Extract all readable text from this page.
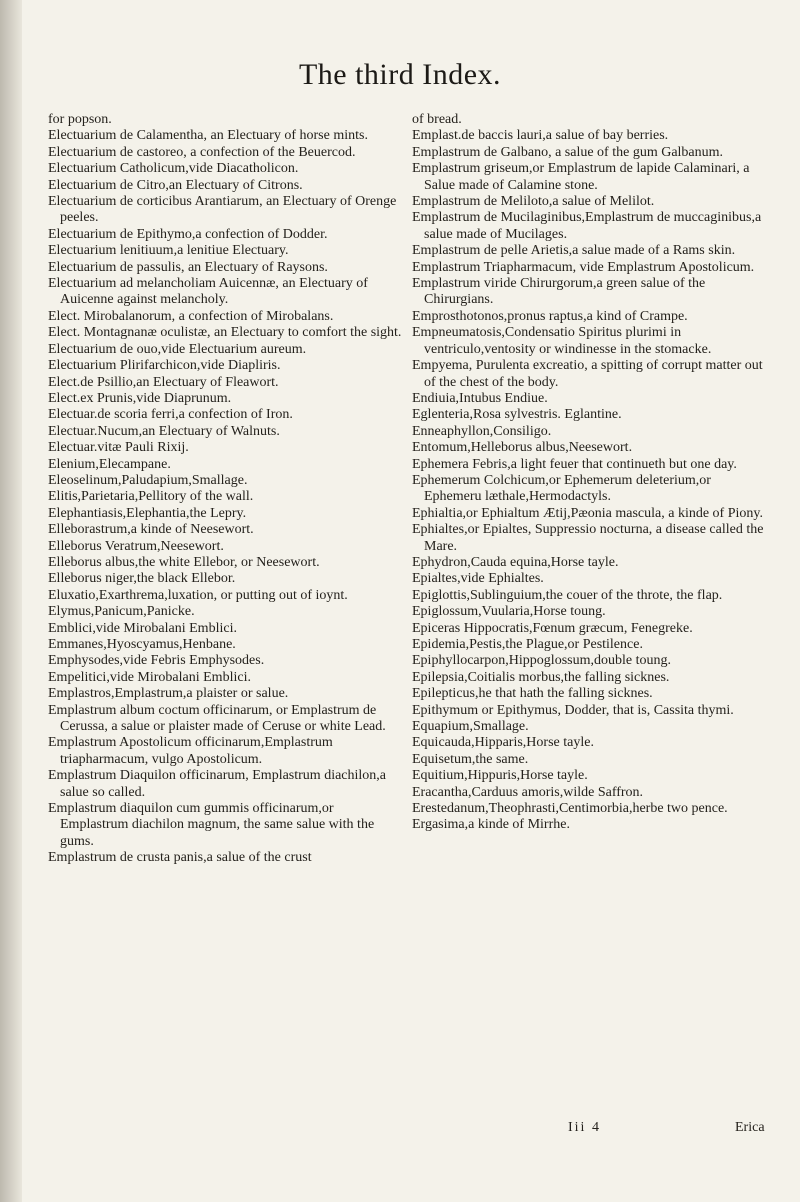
The third Index.

for popson.

Electuarium de Calamentha, an Electuary of horse mints.

Electuarium de castoreo, a confection of the Beuercod.

Electuarium Catholicum,vide Diacatholicon.

Electuarium de Citro,an Electuary of Citrons.

Electuarium de corticibus Arantiarum, an Electuary of Orenge peeles.

Electuarium de Epithymo,a confection of Dodder.

Electuarium lenitiuum,a lenitiue Electuary.

Electuarium de passulis, an Electuary of Raysons.

Electuarium ad melancholiam Auicennæ, an Electuary of Auicenne against melancholy.

Elect. Mirobalanorum, a confection of Mirobalans.

Elect. Montagnanæ oculistæ, an Electuary to comfort the sight.

Electuarium de ouo,vide Electuarium aureum.

Electuarium Plirifarchicon,vide Diapliris.

Elect.de Psillio,an Electuary of Fleawort.

Elect.ex Prunis,vide Diaprunum.

Electuar.de scoria ferri,a confection of Iron.

Electuar.Nucum,an Electuary of Walnuts.

Electuar.vitæ Pauli Rixij.

Elenium,Elecampane.

Eleoselinum,Paludapium,Smallage.

Elitis,Parietaria,Pellitory of the wall.

Elephantiasis,Elephantia,the Lepry.

Elleborastrum,a kinde of Neesewort.

Elleborus Veratrum,Neesewort.

Elleborus albus,the white Ellebor, or Neesewort.

Elleborus niger,the black Ellebor.

Eluxatio,Exarthrema,luxation, or putting out of ioynt.

Elymus,Panicum,Panicke.

Emblici,vide Mirobalani Emblici.

Emmanes,Hyoscyamus,Henbane.

Emphysodes,vide Febris Emphysodes.

Empelitici,vide Mirobalani Emblici.

Emplastros,Emplastrum,a plaister or salue.

Emplastrum album coctum officinarum, or Emplastrum de Cerussa, a salue or plaister made of Ceruse or white Lead.

Emplastrum Apostolicum officinarum,Emplastrum triapharmacum, vulgo Apostolicum.

Emplastrum Diaquilon officinarum, Emplastrum diachilon,a salue so called.

Emplastrum diaquilon cum gummis officinarum,or Emplastrum diachilon magnum, the same salue with the gums.

Emplastrum de crusta panis,a salue of the crust

of bread.

Emplast.de baccis lauri,a salue of bay berries.

Emplastrum de Galbano, a salue of the gum Galbanum.

Emplastrum griseum,or Emplastrum de lapide Calaminari, a Salue made of Calamine stone.

Emplastrum de Meliloto,a salue of Melilot.

Emplastrum de Mucilaginibus,Emplastrum de muccaginibus,a salue made of Mucilages.

Emplastrum de pelle Arietis,a salue made of a Rams skin.

Emplastrum Triapharmacum, vide Emplastrum Apostolicum.

Emplastrum viride Chirurgorum,a green salue of the Chirurgians.

Emprosthotonos,pronus raptus,a kind of Crampe.

Empneumatosis,Condensatio Spiritus plurimi in ventriculo,ventosity or windinesse in the stomacke.

Empyema, Purulenta excreatio, a spitting of corrupt matter out of the chest of the body.

Endiuia,Intubus Endiue.

Eglenteria,Rosa sylvestris. Eglantine.

Enneaphyllon,Consiligo.

Entomum,Helleborus albus,Neesewort.

Ephemera Febris,a light feuer that continueth but one day.

Ephemerum Colchicum,or Ephemerum deleterium,or Ephemeru læthale,Hermodactyls.

Ephialtia,or Ephialtum Ætij,Pæonia mascula, a kinde of Piony.

Ephialtes,or Epialtes, Suppressio nocturna, a disease called the Mare.

Ephydron,Cauda equina,Horse tayle.

Epialtes,vide Ephialtes.

Epiglottis,Sublinguium,the couer of the throte, the flap.

Epiglossum,Vuularia,Horse toung.

Epiceras Hippocratis,Fœnum græcum, Fenegreke.

Epidemia,Pestis,the Plague,or Pestilence.

Epiphyllocarpon,Hippoglossum,double toung.

Epilepsia,Coitialis morbus,the falling sicknes.

Epilepticus,he that hath the falling sicknes.

Epithymum or Epithymus, Dodder, that is, Cassita thymi.

Equapium,Smallage.

Equicauda,Hipparis,Horse tayle.

Equisetum,the same.

Equitium,Hippuris,Horse tayle.

Eracantha,Carduus amoris,wilde Saffron.

Erestedanum,Theophrasti,Centimorbia,herbe two pence.

Ergasima,a kinde of Mirrhe.

Iii 4	Erica
